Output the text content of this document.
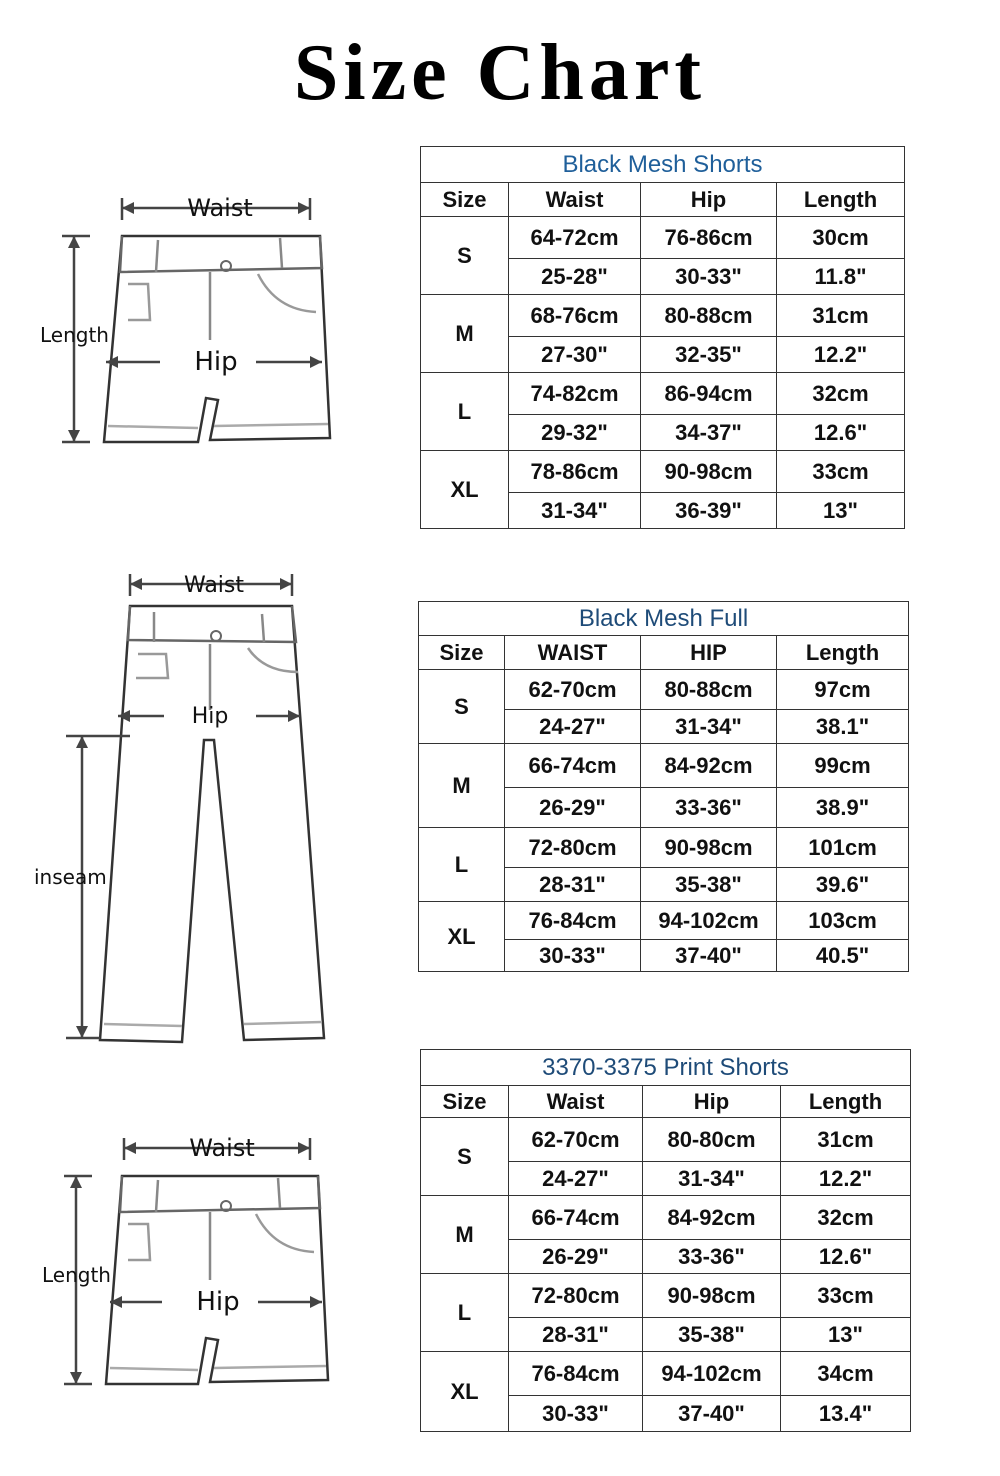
Size Chart
Waist
Hip
Length
Waist
Hip
inseam
Waist
Hip
Length
Black Mesh Shorts			
Size	Waist	Hip	Length
S	64-72cm	76-86cm	30cm
	25-28"	30-33"	11.8"
M	68-76cm	80-88cm	31cm
	27-30"	32-35"	12.2"
L	74-82cm	86-94cm	32cm
	29-32"	34-37"	12.6"
XL	78-86cm	90-98cm	33cm
	31-34"	36-39"	13"
Black Mesh Full			
Size	WAIST	HIP	Length
S	62-70cm	80-88cm	97cm
	24-27"	31-34"	38.1"
M	66-74cm	84-92cm	99cm
	26-29"	33-36"	38.9"
L	72-80cm	90-98cm	101cm
	28-31"	35-38"	39.6"
XL	76-84cm	94-102cm	103cm
	30-33"	37-40"	40.5"
3370-3375 Print Shorts			
Size	Waist	Hip	Length
S	62-70cm	80-80cm	31cm
	24-27"	31-34"	12.2"
M	66-74cm	84-92cm	32cm
	26-29"	33-36"	12.6"
L	72-80cm	90-98cm	33cm
	28-31"	35-38"	13"
XL	76-84cm	94-102cm	34cm
	30-33"	37-40"	13.4"
